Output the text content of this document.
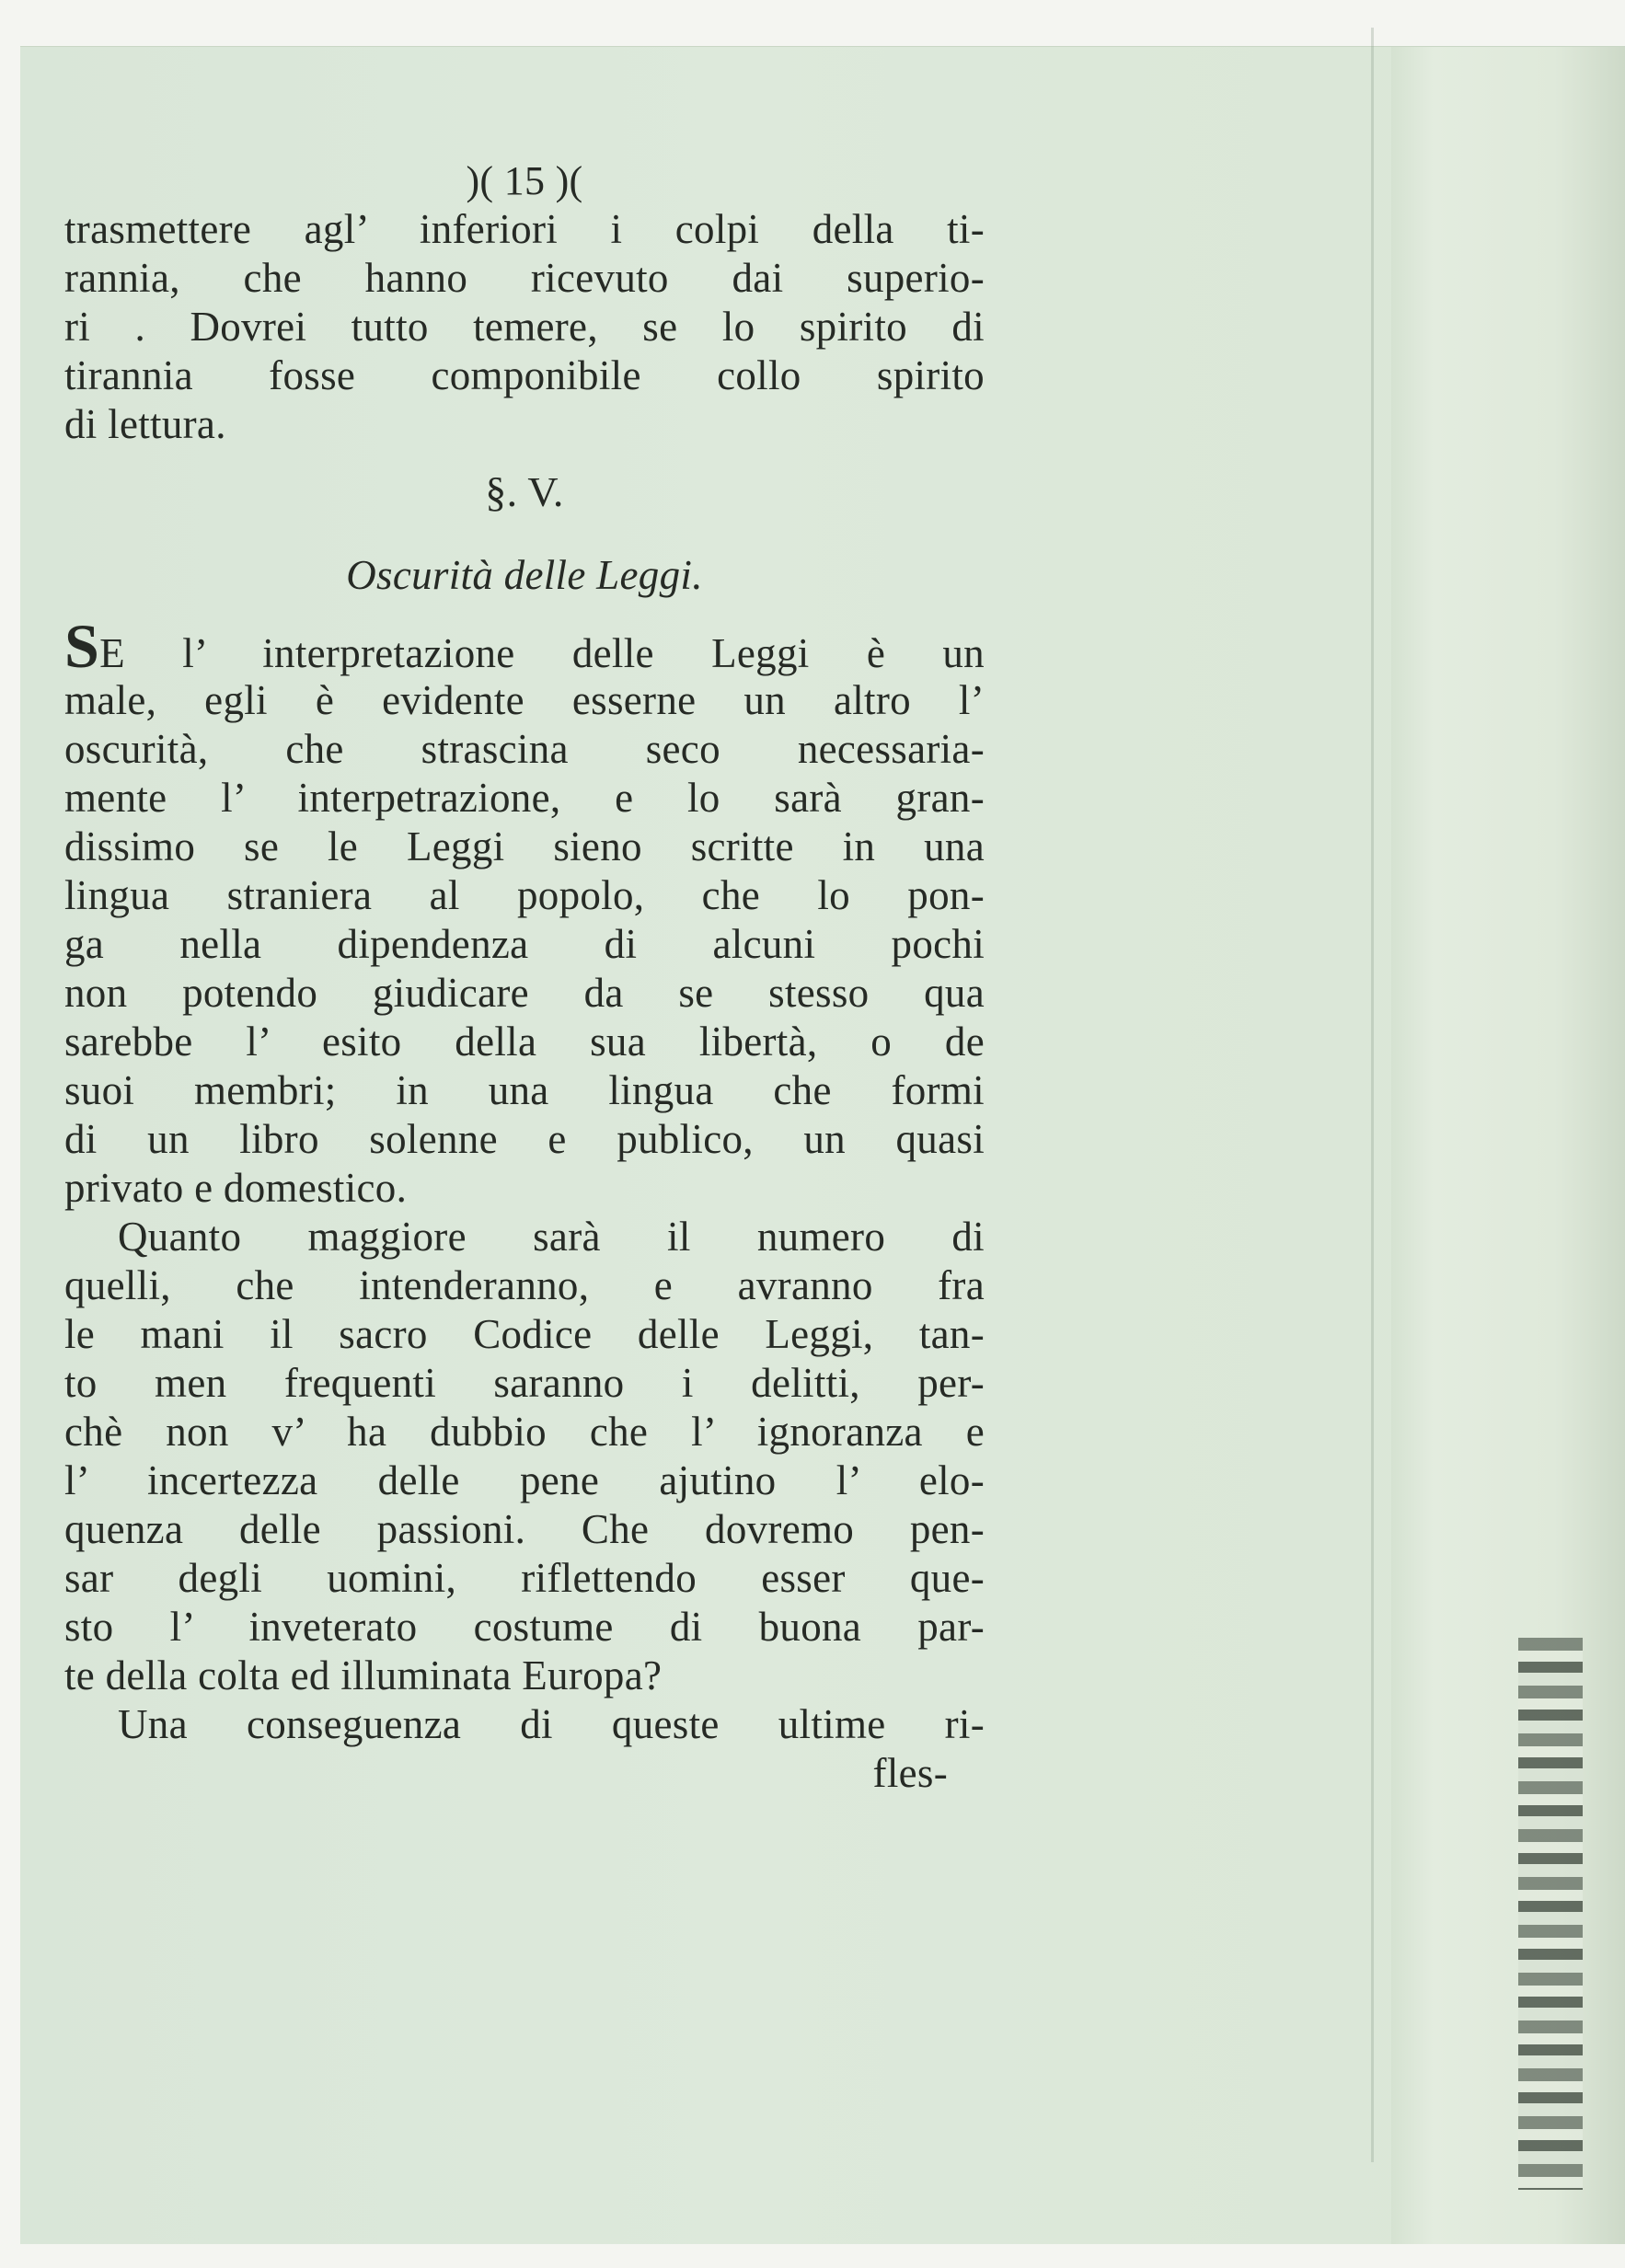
)( 15 )(
trasmettere agl’ inferiori i colpi della ti-
rannia, che hanno ricevuto dai superio-
ri . Dovrei tutto temere, se lo spirito di
tirannia fosse componibile collo spirito
di lettura.
§. V.
Oscurità delle Leggi.
SE l’ interpretazione delle Leggi è un
male, egli è evidente esserne un altro l’
oscurità, che strascina seco necessaria-
mente l’ interpetrazione, e lo sarà gran-
dissimo se le Leggi sieno scritte in una
lingua straniera al popolo, che lo pon-
ga nella dipendenza di alcuni pochi
non potendo giudicare da se stesso qua
sarebbe l’ esito della sua libertà, o de
suoi membri; in una lingua che formi
di un libro solenne e publico, un quasi
privato e domestico.
Quanto maggiore sarà il numero di
quelli, che intenderanno, e avranno fra
le mani il sacro Codice delle Leggi, tan-
to men frequenti saranno i delitti, per-
chè non v’ ha dubbio che l’ ignoranza e
l’ incertezza delle pene ajutino l’ elo-
quenza delle passioni. Che dovremo pen-
sar degli uomini, riflettendo esser que-
sto l’ inveterato costume di buona par-
te della colta ed illuminata Europa?
Una conseguenza di queste ultime ri-
fles-
